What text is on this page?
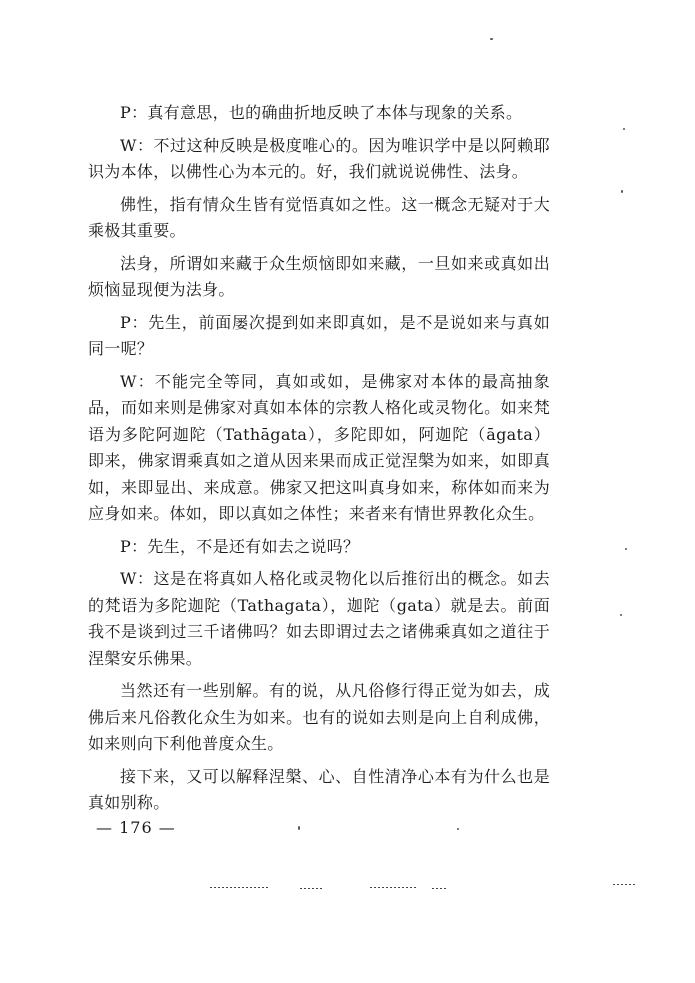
P：真有意思，也的确曲折地反映了本体与现象的关系。

W：不过这种反映是极度唯心的。因为唯识学中是以阿赖耶识为本体，以佛性心为本元的。好，我们就说说佛性、法身。

佛性，指有情众生皆有觉悟真如之性。这一概念无疑对于大乘极其重要。

法身，所谓如来藏于众生烦恼即如来藏，一旦如来或真如出烦恼显现便为法身。

P：先生，前面屡次提到如来即真如，是不是说如来与真如同一呢？

W：不能完全等同，真如或如，是佛家对本体的最高抽象品，而如来则是佛家对真如本体的宗教人格化或灵物化。如来梵语为多陀阿迦陀（Tathāgata），多陀即如，阿迦陀（āgata）即来，佛家谓乘真如之道从因来果而成正觉涅槃为如来，如即真如，来即显出、来成意。佛家又把这叫真身如来，称体如而来为应身如来。体如，即以真如之体性；来者来有情世界教化众生。

P：先生，不是还有如去之说吗？

W：这是在将真如人格化或灵物化以后推衍出的概念。如去的梵语为多陀迦陀（Tathagata），迦陀（gata）就是去。前面我不是谈到过三千诸佛吗？如去即谓过去之诸佛乘真如之道往于涅槃安乐佛果。

当然还有一些别解。有的说，从凡俗修行得正觉为如去，成佛后来凡俗教化众生为如来。也有的说如去则是向上自利成佛，如来则向下利他普度众生。

接下来，又可以解释涅槃、心、自性清净心本有为什么也是真如别称。

— 176 —
